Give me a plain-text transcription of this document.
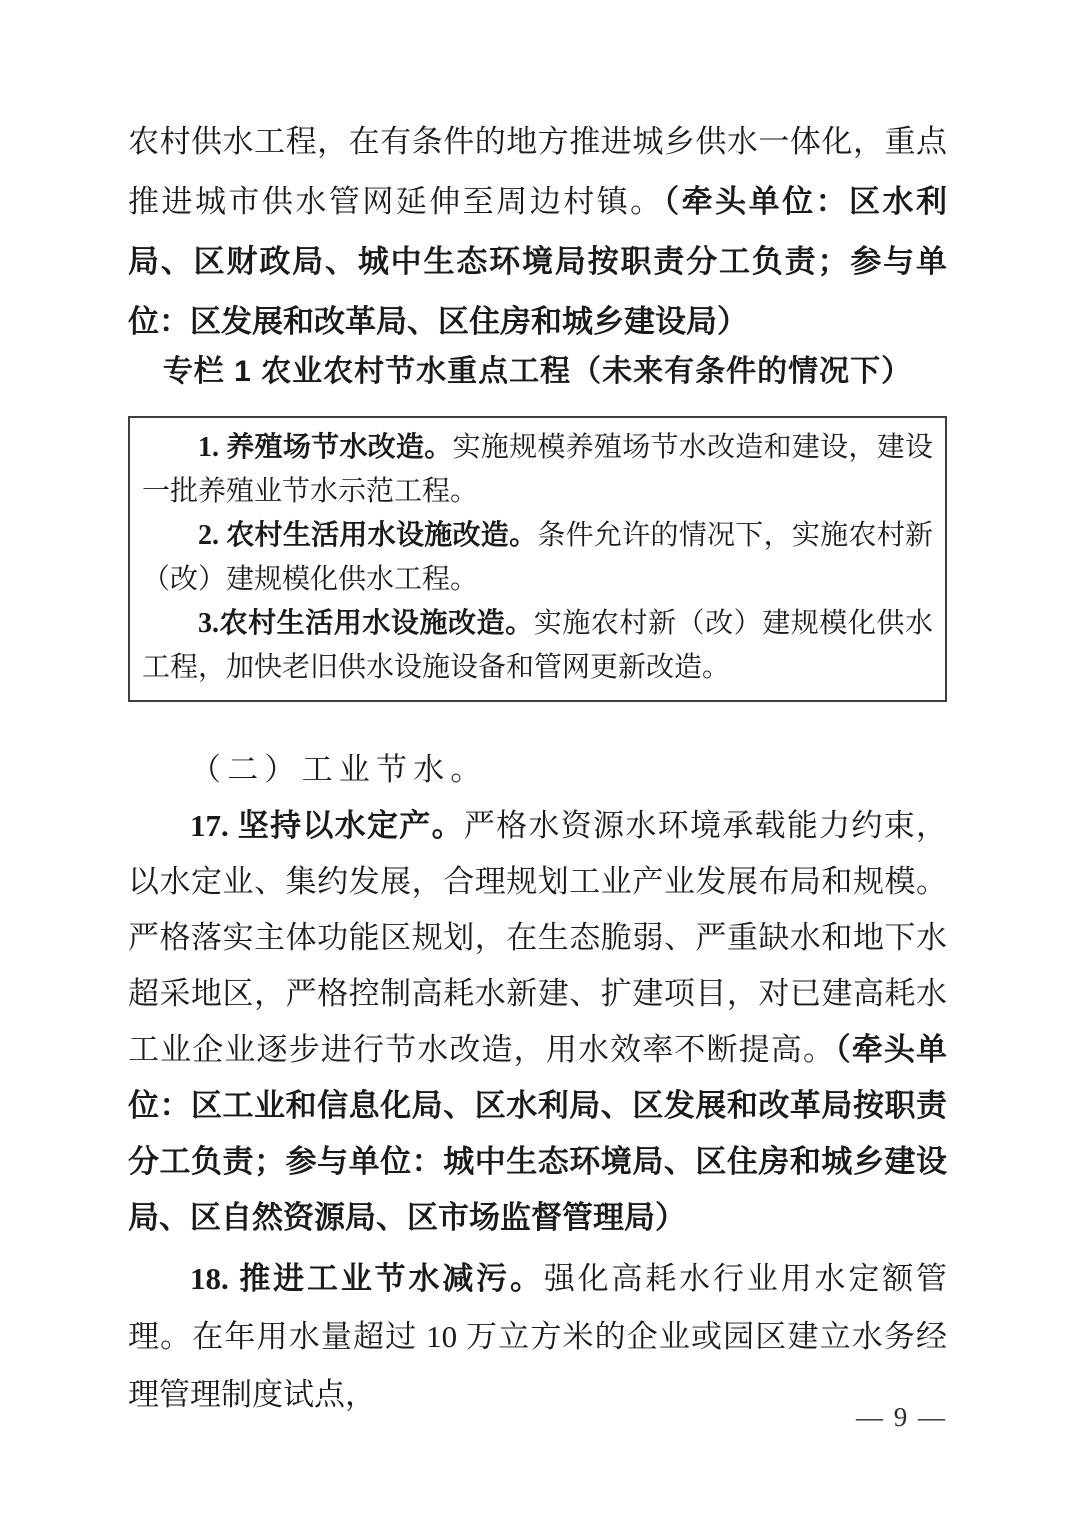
农村供水工程，在有条件的地方推进城乡供水一体化，重点推进城市供水管网延伸至周边村镇。（牵头单位：区水利局、区财政局、城中生态环境局按职责分工负责；参与单位：区发展和改革局、区住房和城乡建设局）

专栏 1 农业农村节水重点工程（未来有条件的情况下）

1. 养殖场节水改造。实施规模养殖场节水改造和建设，建设一批养殖业节水示范工程。

2. 农村生活用水设施改造。条件允许的情况下，实施农村新（改）建规模化供水工程。

3.农村生活用水设施改造。实施农村新（改）建规模化供水工程，加快老旧供水设施设备和管网更新改造。

（二）工业节水。

17. 坚持以水定产。严格水资源水环境承载能力约束，以水定业、集约发展，合理规划工业产业发展布局和规模。严格落实主体功能区规划，在生态脆弱、严重缺水和地下水超采地区，严格控制高耗水新建、扩建项目，对已建高耗水工业企业逐步进行节水改造，用水效率不断提高。（牵头单位：区工业和信息化局、区水利局、区发展和改革局按职责分工负责；参与单位：城中生态环境局、区住房和城乡建设局、区自然资源局、区市场监督管理局）

18. 推进工业节水减污。强化高耗水行业用水定额管理。在年用水量超过 10 万立方米的企业或园区建立水务经理管理制度试点，

— 9 —
